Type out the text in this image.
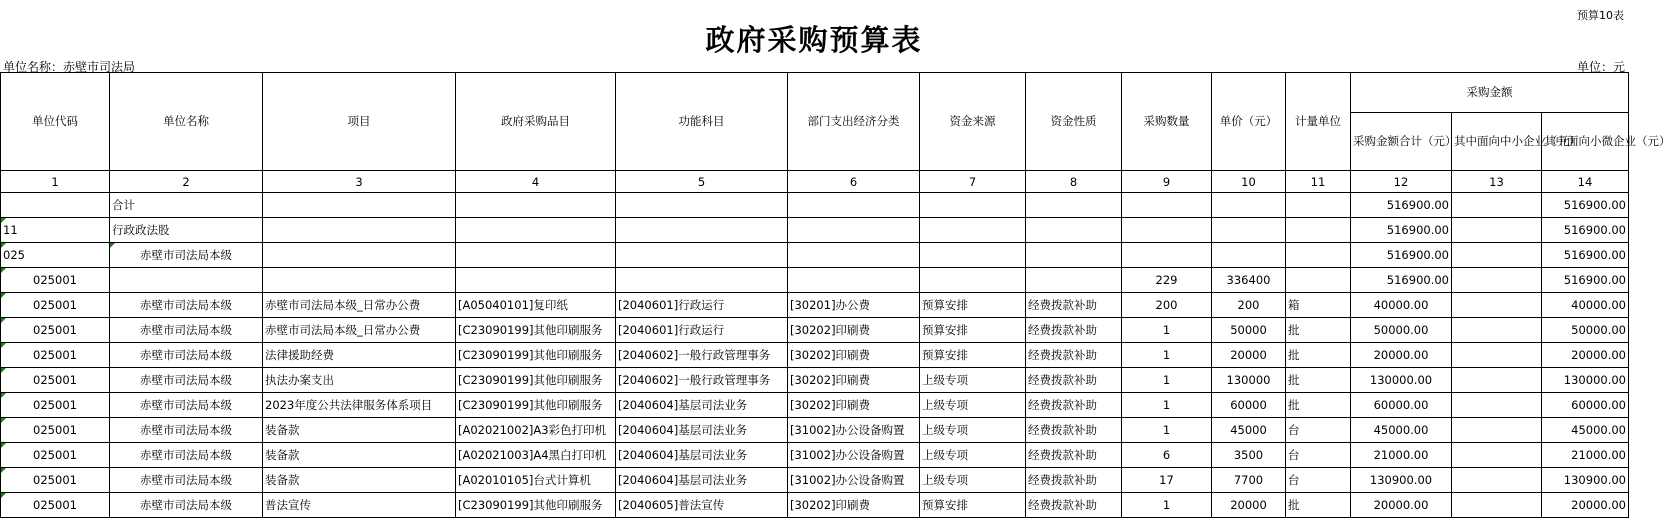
预算10表
政府采购预算表
单位名称：赤壁市司法局	单位：元
单位代码	单位名称	项目	政府采购品目	功能科目	部门支出经济分类	资金来源	资金性质	采购数量	单价（元）	计量单位	采购金额		
											采购金额合计（元）	其中面向中小企业（元）	其中面向小微企业（元）
1	2	3	4	5	6	7	8	9	10	11	12	13	14
	合计										516900.00		516900.00
11	行政政法股										516900.00		516900.00
025	赤壁市司法局本级										516900.00		516900.00
025001								229	336400		516900.00		516900.00
025001	赤壁市司法局本级	赤壁市司法局本级_日常办公费	[A05040101]复印纸	[2040601]行政运行	[30201]办公费	预算安排	经费拨款补助	200	200	箱	40000.00		40000.00
025001	赤壁市司法局本级	赤壁市司法局本级_日常办公费	[C23090199]其他印刷服务	[2040601]行政运行	[30202]印刷费	预算安排	经费拨款补助	1	50000	批	50000.00		50000.00
025001	赤壁市司法局本级	法律援助经费	[C23090199]其他印刷服务	[2040602]一般行政管理事务	[30202]印刷费	预算安排	经费拨款补助	1	20000	批	20000.00		20000.00
025001	赤壁市司法局本级	执法办案支出	[C23090199]其他印刷服务	[2040602]一般行政管理事务	[30202]印刷费	上级专项	经费拨款补助	1	130000	批	130000.00		130000.00
025001	赤壁市司法局本级	2023年度公共法律服务体系项目	[C23090199]其他印刷服务	[2040604]基层司法业务	[30202]印刷费	上级专项	经费拨款补助	1	60000	批	60000.00		60000.00
025001	赤壁市司法局本级	装备款	[A02021002]A3彩色打印机	[2040604]基层司法业务	[31002]办公设备购置	上级专项	经费拨款补助	1	45000	台	45000.00		45000.00
025001	赤壁市司法局本级	装备款	[A02021003]A4黑白打印机	[2040604]基层司法业务	[31002]办公设备购置	上级专项	经费拨款补助	6	3500	台	21000.00		21000.00
025001	赤壁市司法局本级	装备款	[A02010105]台式计算机	[2040604]基层司法业务	[31002]办公设备购置	上级专项	经费拨款补助	17	7700	台	130900.00		130900.00
025001	赤壁市司法局本级	普法宣传	[C23090199]其他印刷服务	[2040605]普法宣传	[30202]印刷费	预算安排	经费拨款补助	1	20000	批	20000.00		20000.00
